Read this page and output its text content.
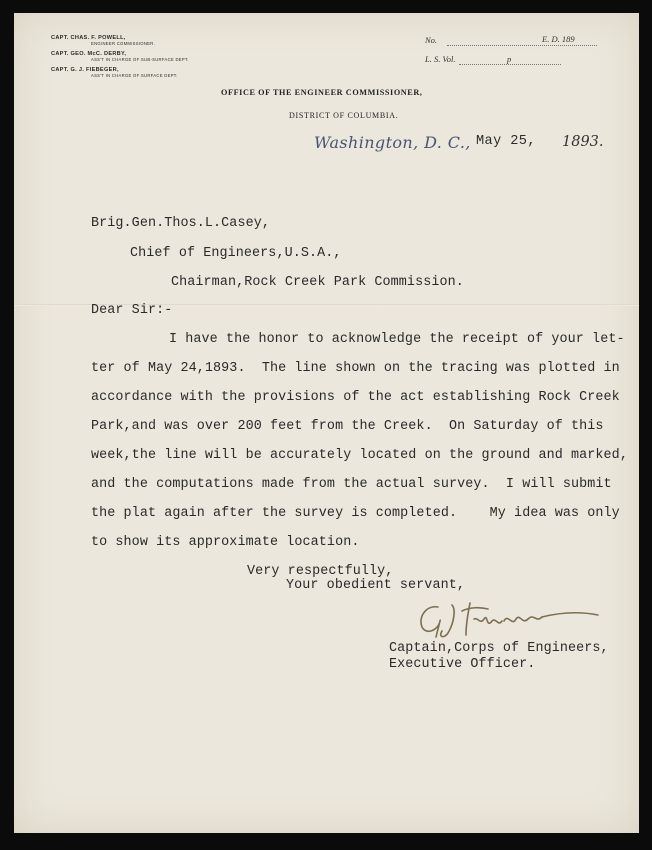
CAPT. CHAS. F. POWELL,
ENGINEER COMMISSIONER.
CAPT. GEO. McC. DERBY,
ASS'T IN CHARGE OF SUB-SURFACE DEPT.
CAPT. G. J. FIEBEGER,
ASS'T IN CHARGE OF SURFACE DEPT.
No.	E. D. 189
L. S. Vol.	p
OFFICE OF THE ENGINEER COMMISSIONER,
DISTRICT OF COLUMBIA.
Washington, D. C., May 25, 1893.
Brig.Gen.Thos.L.Casey,
Chief of Engineers,U.S.A.,
Chairman,Rock Creek Park Commission.
Dear Sir:-
I have the honor to acknowledge the receipt of your let-
ter of May 24,1893.  The line shown on the tracing was plotted in
accordance with the provisions of the act establishing Rock Creek
Park,and was over 200 feet from the Creek.  On Saturday of this
week,the line will be accurately located on the ground and marked,
and the computations made from the actual survey.  I will submit
the plat again after the survey is completed.    My idea was only
to show its approximate location.
Very respectfully,
Your obedient servant,
Captain,Corps of Engineers,
Executive Officer.
